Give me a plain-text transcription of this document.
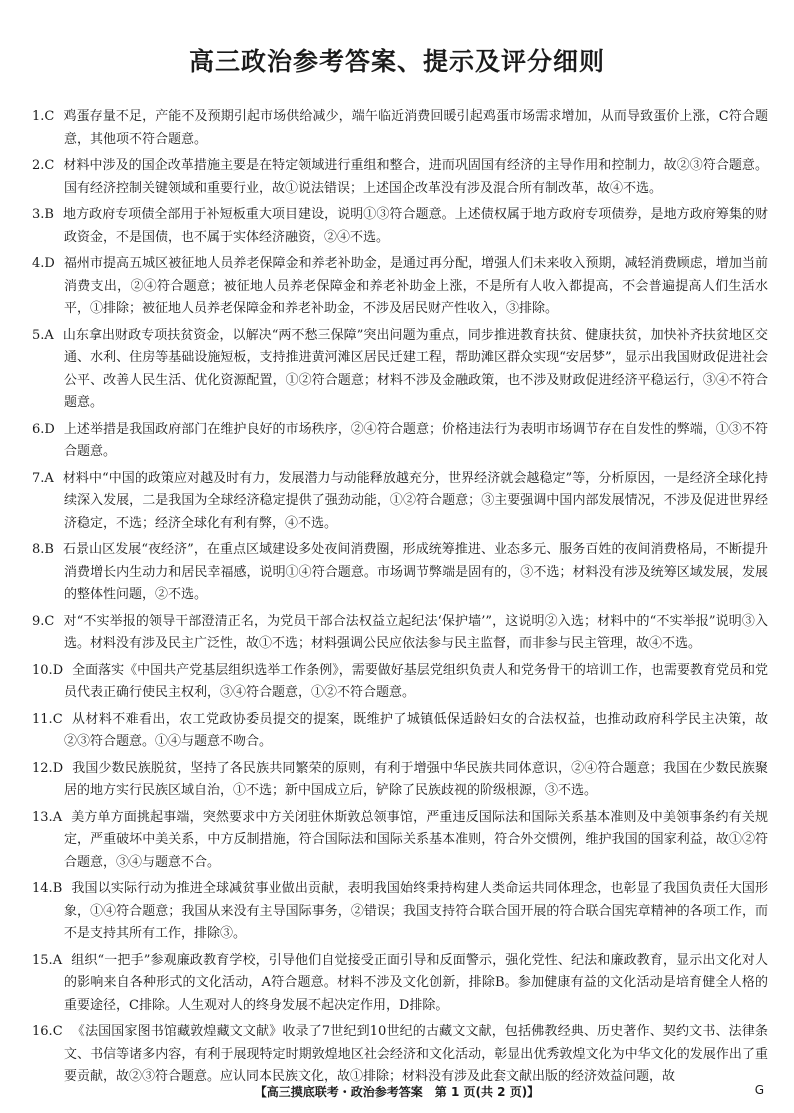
高三政治参考答案、提示及评分细则
1.C 鸡蛋存量不足，产能不及预期引起市场供给减少，端午临近消费回暖引起鸡蛋市场需求增加，从而导致蛋价上涨，C符合题意，其他项不符合题意。
2.C 材料中涉及的国企改革措施主要是在特定领域进行重组和整合，进而巩固国有经济的主导作用和控制力，故②③符合题意。国有经济控制关键领域和重要行业，故①说法错误；上述国企改革没有涉及混合所有制改革，故④不选。
3.B 地方政府专项债全部用于补短板重大项目建设，说明①③符合题意。上述债权属于地方政府专项债券，是地方政府筹集的财政资金，不是国债，也不属于实体经济融资，②④不选。
4.D 福州市提高五城区被征地人员养老保障金和养老补助金，是通过再分配，增强人们未来收入预期，减轻消费顾虑，增加当前消费支出，②④符合题意；被征地人员养老保障金和养老补助金上涨，不是所有人收入都提高，不会普遍提高人们生活水平，①排除；被征地人员养老保障金和养老补助金，不涉及居民财产性收入，③排除。
5.A 山东拿出财政专项扶贫资金，以解决“两不愁三保障”突出问题为重点，同步推进教育扶贫、健康扶贫，加快补齐扶贫地区交通、水利、住房等基础设施短板，支持推进黄河滩区居民迁建工程，帮助滩区群众实现“安居梦”，显示出我国财政促进社会公平、改善人民生活、优化资源配置，①②符合题意；材料不涉及金融政策，也不涉及财政促进经济平稳运行，③④不符合题意。
6.D 上述举措是我国政府部门在维护良好的市场秩序，②④符合题意；价格违法行为表明市场调节存在自发性的弊端，①③不符合题意。
7.A 材料中“中国的政策应对越及时有力，发展潜力与动能释放越充分，世界经济就会越稳定”等，分析原因，一是经济全球化持续深入发展，二是我国为全球经济稳定提供了强劲动能，①②符合题意；③主要强调中国内部发展情况，不涉及促进世界经济稳定，不选；经济全球化有利有弊，④不选。
8.B 石景山区发展“夜经济”，在重点区域建设多处夜间消费圈，形成统筹推进、业态多元、服务百姓的夜间消费格局，不断提升消费增长内生动力和居民幸福感，说明①④符合题意。市场调节弊端是固有的，③不选；材料没有涉及统筹区域发展，发展的整体性问题，②不选。
9.C 对“不实举报的领导干部澄清正名，为党员干部合法权益立起纪法‘保护墙’”，这说明②入选；材料中的“不实举报”说明③入选。材料没有涉及民主广泛性，故①不选；材料强调公民应依法参与民主监督，而非参与民主管理，故④不选。
10.D 全面落实《中国共产党基层组织选举工作条例》，需要做好基层党组织负责人和党务骨干的培训工作，也需要教育党员和党员代表正确行使民主权利，③④符合题意，①②不符合题意。
11.C 从材料不难看出，农工党政协委员提交的提案，既维护了城镇低保适龄妇女的合法权益，也推动政府科学民主决策，故②③符合题意。①④与题意不吻合。
12.D 我国少数民族脱贫，坚持了各民族共同繁荣的原则，有利于增强中华民族共同体意识，②④符合题意；我国在少数民族聚居的地方实行民族区域自治，①不选；新中国成立后，铲除了民族歧视的阶级根源，③不选。
13.A 美方单方面挑起事端，突然要求中方关闭驻休斯敦总领事馆，严重违反国际法和国际关系基本准则及中美领事条约有关规定，严重破坏中美关系，中方反制措施，符合国际法和国际关系基本准则，符合外交惯例，维护我国的国家利益，故①②符合题意，③④与题意不合。
14.B 我国以实际行动为推进全球减贫事业做出贡献，表明我国始终秉持构建人类命运共同体理念，也彰显了我国负责任大国形象，①④符合题意；我国从来没有主导国际事务，②错误；我国支持符合联合国开展的符合联合国宪章精神的各项工作，而不是支持其所有工作，排除③。
15.A 组织“一把手”参观廉政教育学校，引导他们自觉接受正面引导和反面警示，强化党性、纪法和廉政教育，显示出文化对人的影响来自各种形式的文化活动，A符合题意。材料不涉及文化创新，排除B。参加健康有益的文化活动是培育健全人格的重要途径，C排除。人生观对人的终身发展不起决定作用，D排除。
16.C 《法国国家图书馆藏敦煌藏文文献》收录了7世纪到10世纪的古藏文文献，包括佛教经典、历史著作、契约文书、法律条文、书信等诸多内容，有利于展现特定时期敦煌地区社会经济和文化活动，彰显出优秀敦煌文化为中华文化的发展作出了重要贡献，故②③符合题意。应认同本民族文化，故①排除；材料没有涉及此套文献出版的经济效益问题，故
【高三摸底联考・政治参考答案　第 1 页(共 2 页)】	G
